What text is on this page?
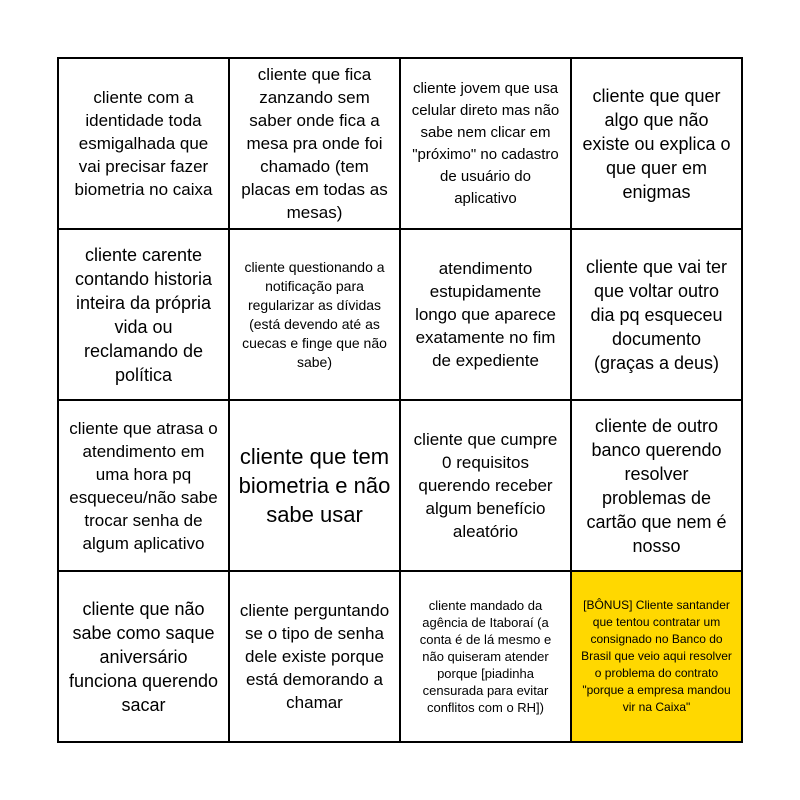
cliente com a identidade toda esmigalhada que vai precisar fazer biometria no caixa
cliente que fica zanzando sem saber onde fica a mesa pra onde foi chamado (tem placas em todas as mesas)
cliente jovem que usa celular direto mas não sabe nem clicar em "próximo" no cadastro de usuário do aplicativo
cliente que quer algo que não existe ou explica o que quer em enigmas
cliente carente contando historia inteira da própria vida ou reclamando de política
cliente questionando a notificação para regularizar as dívidas (está devendo até as cuecas e finge que não sabe)
atendimento estupidamente longo que aparece exatamente no fim de expediente
cliente que vai ter que voltar outro dia pq esqueceu documento (graças a deus)
cliente que atrasa o atendimento em uma hora pq esqueceu/não sabe trocar senha de algum aplicativo
cliente que tem biometria e não sabe usar
cliente que cumpre 0 requisitos querendo receber algum benefício aleatório
cliente de outro banco querendo resolver problemas de cartão que nem é nosso
cliente que não sabe como saque aniversário funciona querendo sacar
cliente perguntando se o tipo de senha dele existe porque está demorando a chamar
cliente mandado da agência de Itaboraí (a conta é de lá mesmo e não quiseram atender porque [piadinha censurada para evitar conflitos com o RH])
[BÔNUS] Cliente santander que tentou contratar um consignado no Banco do Brasil que veio aqui resolver o problema do contrato "porque a empresa mandou vir na Caixa"
